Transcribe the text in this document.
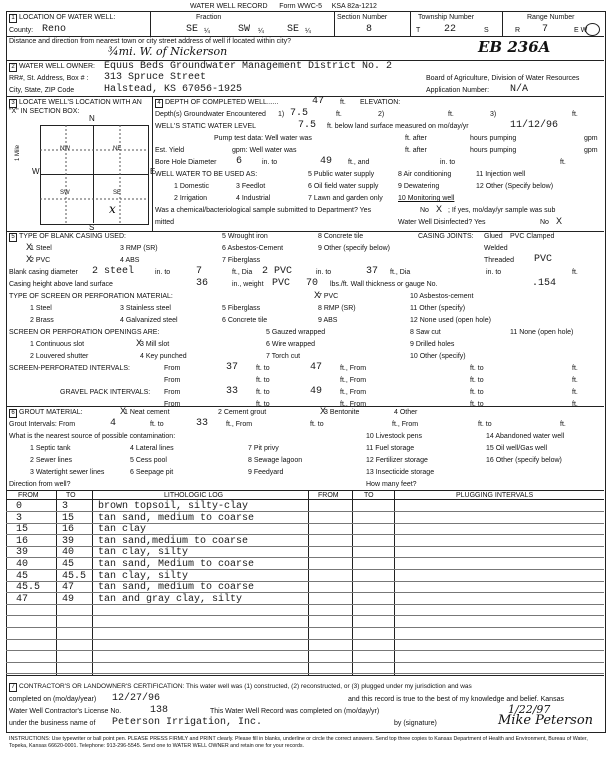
WATER WELL RECORD Form WWC-5 KSA 82a-1212
1 LOCATION OF WATER WELL:
County: Reno
Fraction
SE	SW	SE
¼	¼	¼
Section Number
8
Township Number
T 22	S
Range Number
R 7	E W
Distance and direction from nearest town or city street address of well if located within city?
¾mi. W. of Nickerson	EB 236A
2 WATER WELL OWNER: Equus Beds Groundwater Management District No. 2
RR#, St. Address, Box # : 313 Spruce Street
City, State, ZIP Code	Halstead, KS 67056-1925
Board of Agriculture, Division of Water Resources
Application Number: N/A
3 LOCATE WELL'S LOCATION WITH AN "X" IN SECTION BOX:
N
S
W	E
1 Mile	NW	NE
SW	SE
x
4 DEPTH OF COMPLETED WELL......	47 ft. ELEVATION:
Depth(s) Groundwater Encountered 1) 7.5	ft.	2)	ft.	3)	ft.
WELL'S STATIC WATER LEVEL	7.5 ft. below land surface measured on mo/day/yr	11/12/96
Pump test data: Well water was	ft. after	hours pumping	gpm
Est. Yield	gpm: Well water was	ft. after	hours pumping	gpm
Bore Hole Diameter 6	in. to	49 ft., and	in. to	ft.
WELL WATER TO BE USED AS:	5 Public water supply	8 Air conditioning	11 Injection well
1 Domestic	3 Feedlot	6 Oil field water supply	9 Dewatering	12 Other (Specify below)
2 Irrigation	4 Industrial	7 Lawn and garden only 10 Monitoring well
Was a chemical/bacteriological sample submitted to Department? Yes	No X ; If yes, mo/day/yr sample was sub
mitted	Water Well Disinfected? Yes	No X
5 TYPE OF BLANK CASING USED:
3 RMP (SR)
1 Steel
2 PVC	4 ABS
5 Wrought iron
6 Asbestos-Cement
7 Fiberglass
8 Concrete tile
9 Other (specify below)
X
X
CASING JOINTS: Glued PVC Clamped
Welded
Threaded PVC
Blank casing diameter 2 steel	in. to	7	ft., Dia 2 PVC	in. to	37 ft., Dia	in. to	ft.
Casing height above land surface	36	in., weight PVC 70 lbs./ft. Wall thickness or gauge No.	.154
TYPE OF SCREEN OR PERFORATION MATERIAL:
1 Steel
2 Brass
3 Stainless steel
4 Galvanized steel
5 Fiberglass
6 Concrete tile
7 PVC
X
8 RMP (SR)
9 ABS
10 Asbestos-cement
11 Other (specify)
12 None used (open hole)
SCREEN OR PERFORATION OPENINGS ARE:
1 Continuous slot
2 Louvered shutter
3 Mill slot
X
4 Key punched
5 Gauzed wrapped
6 Wire wrapped
7 Torch cut
8 Saw cut
9 Drilled holes
10 Other (specify)
11 None (open hole)
SCREEN-PERFORATED INTERVALS:	From	37	ft. to	47	ft., From	ft. to	ft.
From	ft. to	ft., From	ft. to	ft.
GRAVEL PACK INTERVALS: From	33	ft. to	49	ft., From	ft. to	ft.
From	ft. to	ft., From	ft. to	ft.
6 GROUT MATERIAL:	1 Neat cement
X	2 Cement grout	3 Bentonite
X	4 Other
Grout Intervals: From	4	ft. to	33	ft., From	ft. to	ft., From	ft. to	ft.
What is the nearest source of possible contamination:
1 Septic tank
2 Sewer lines
3 Watertight sewer lines
4 Lateral lines
5 Cess pool
6 Seepage pit
7 Pit privy
8 Sewage lagoon
9 Feedyard
10 Livestock pens
11 Fuel storage
12 Fertilizer storage
13 Insecticide storage
14 Abandoned water well
15 Oil well/Gas well
16 Other (specify below)
Direction from well?	How many feet?
FROM	TO	LITHOLOGIC LOG	FROM	TO	PLUGGING INTERVALS
0	3	brown topsoil, silty-clay
3	15 tan sand, medium to coarse
15	16 tan clay
16	39 tan sand,medium to coarse
39	40 tan clay, silty
40	45 tan sand, Medium to coarse
45	45.5 tan clay, silty
45.5 47 tan sand, medium to coarse
47	49 tan and gray clay, silty
7 CONTRACTOR'S OR LANDOWNER'S CERTIFICATION: This water well was (1) constructed, (2) reconstructed, or (3) plugged under my jurisdiction and was
completed on (mo/day/year) 12/27/96	and this record is true to the best of my knowledge and belief. Kansas
Water Well Contractor's License No.	138	This Water Well Record was completed on (mo/day/yr)	1/22/97
under the business name of Peterson Irrigation, Inc.	by (signature)	Mike Peterson
INSTRUCTIONS: Use typewriter or ball point pen. PLEASE PRESS FIRMLY and PRINT clearly. Please fill in blanks, underline or circle the correct answers. Send top three copies to Kansas Department of Health and Environment, Bureau of Water, Topeka, Kansas 66620-0001. Telephone: 913-296-5545. Send one to WATER WELL OWNER and retain one for your records.
